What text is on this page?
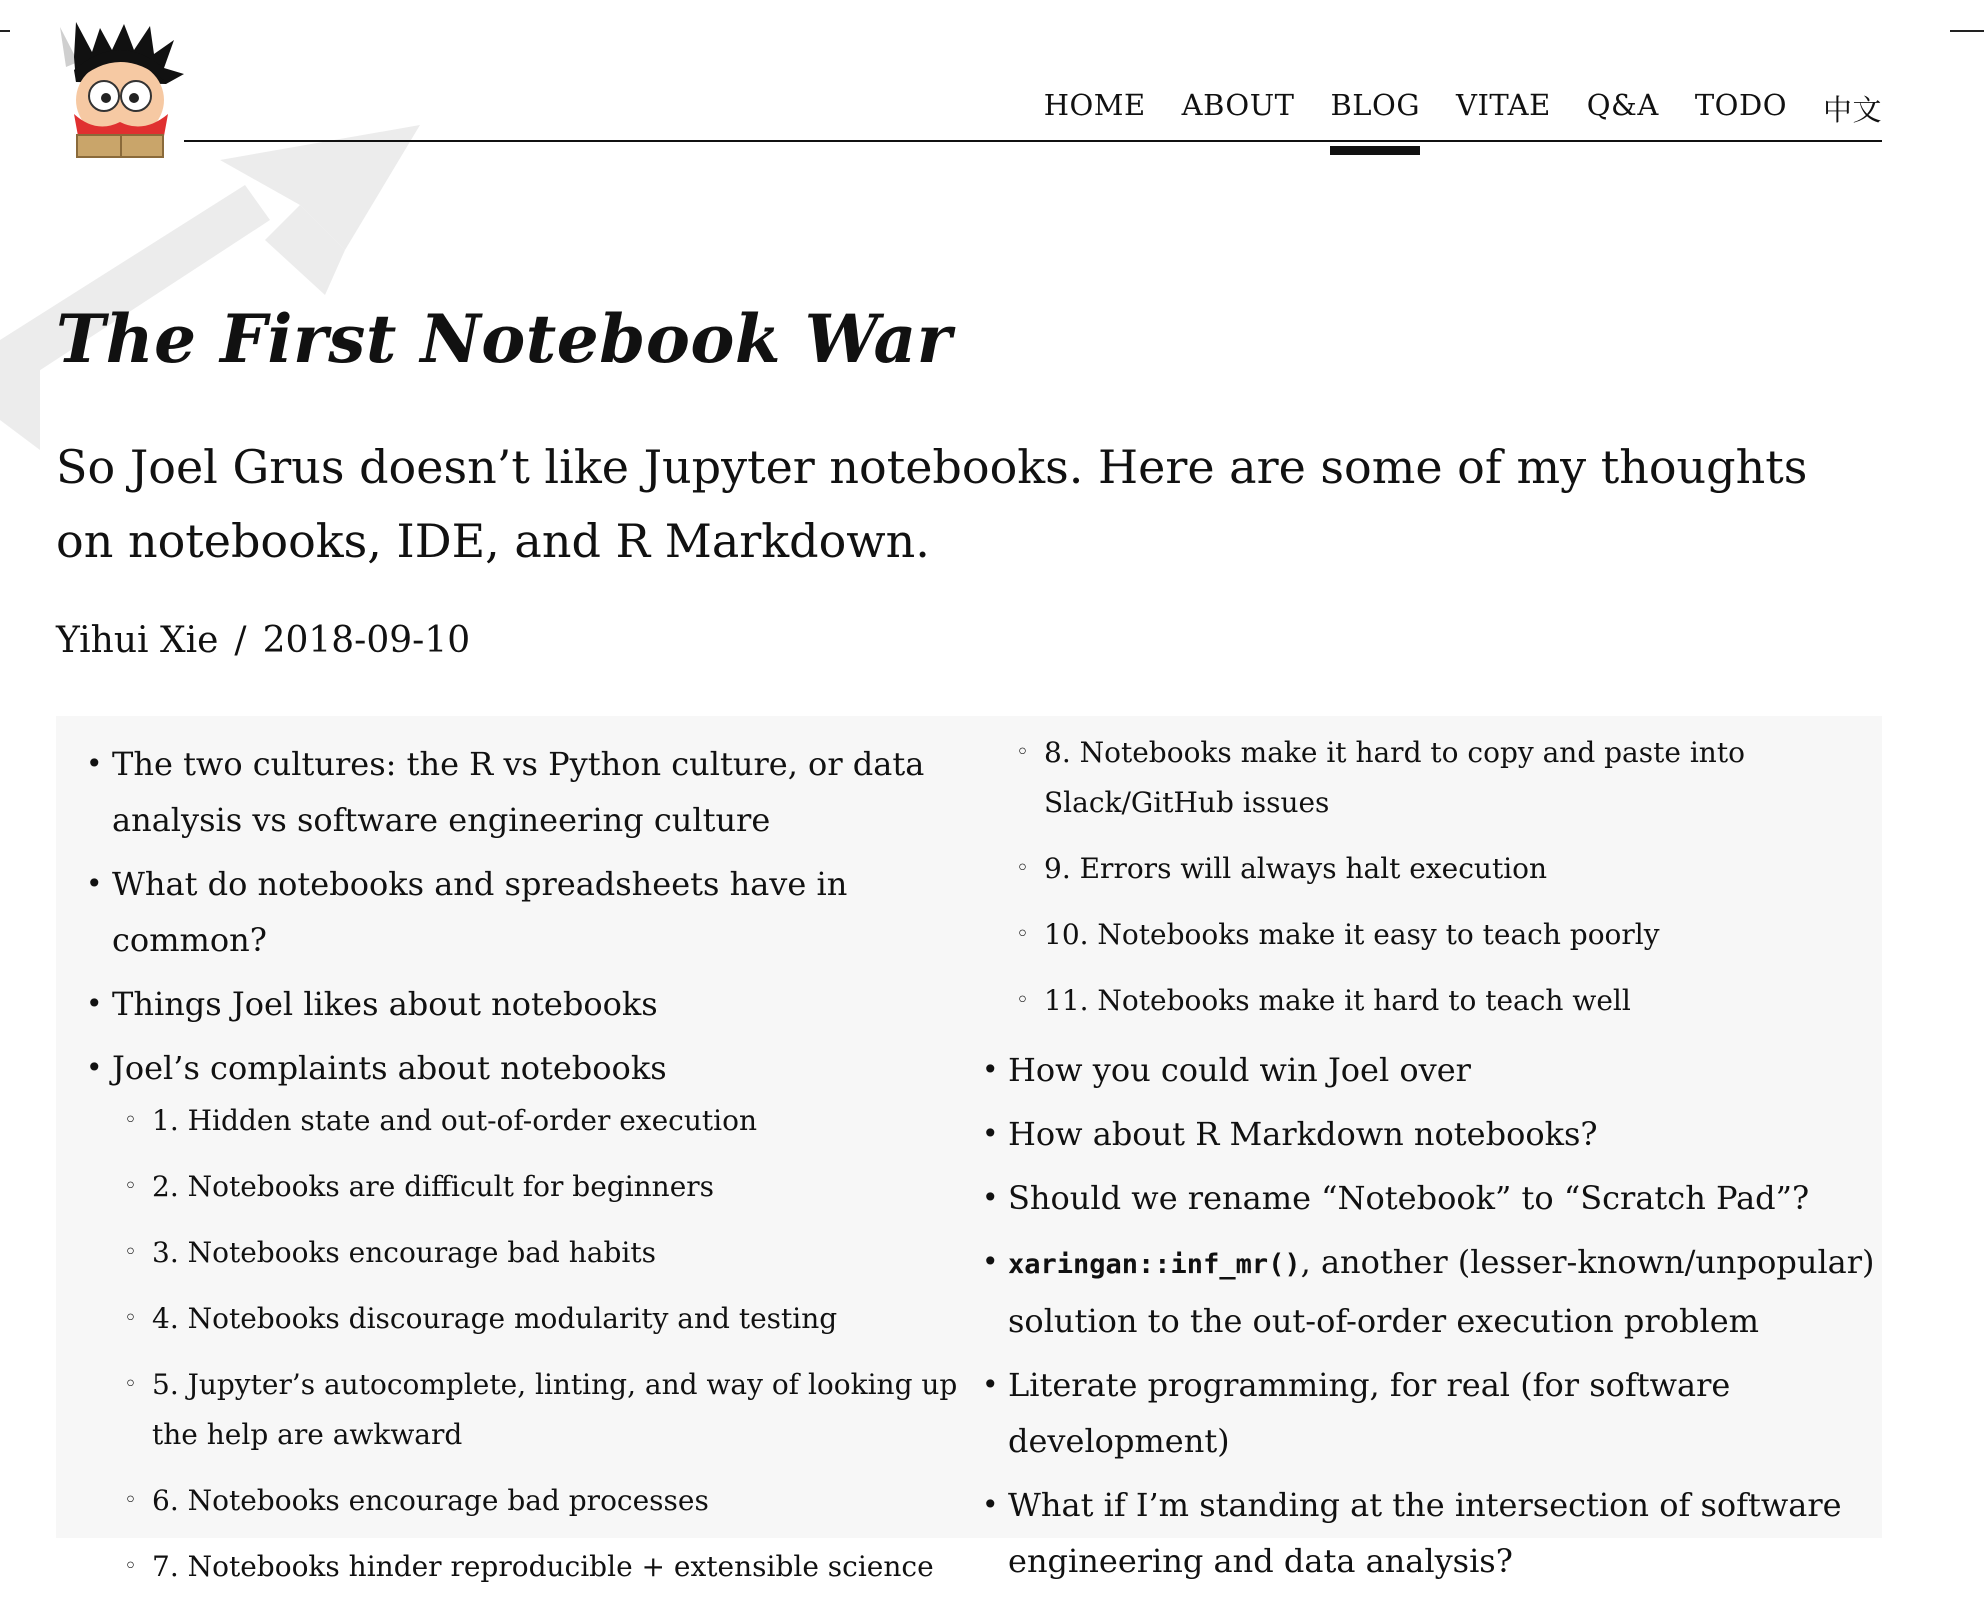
HOME ABOUT BLOG VITAE Q&A TODO 中文
The First Notebook War

So Joel Grus doesn’t like Jupyter notebooks. Here are some of my thoughts on notebooks, IDE, and R Markdown.

Yihui Xie / 2018-09-10
• The two cultures: the R vs Python culture, or data analysis vs software engineering culture
• What do notebooks and spreadsheets have in common?
• Things Joel likes about notebooks
• Joel’s complaints about notebooks
◦ 1. Hidden state and out-of-order execution
◦ 2. Notebooks are difficult for beginners
◦ 3. Notebooks encourage bad habits
◦ 4. Notebooks discourage modularity and testing
◦ 5. Jupyter’s autocomplete, linting, and way of looking up the help are awkward
◦ 6. Notebooks encourage bad processes
◦ 7. Notebooks hinder reproducible + extensible science
◦ 8. Notebooks make it hard to copy and paste into Slack/GitHub issues
◦ 9. Errors will always halt execution
◦ 10. Notebooks make it easy to teach poorly
◦ 11. Notebooks make it hard to teach well
• How you could win Joel over
• How about R Markdown notebooks?
• Should we rename “Notebook” to “Scratch Pad”?
• xaringan::inf_mr(), another (lesser-known/unpopular) solution to the out-of-order execution problem
• Literate programming, for real (for software development)
• What if I’m standing at the intersection of software engineering and data analysis?
